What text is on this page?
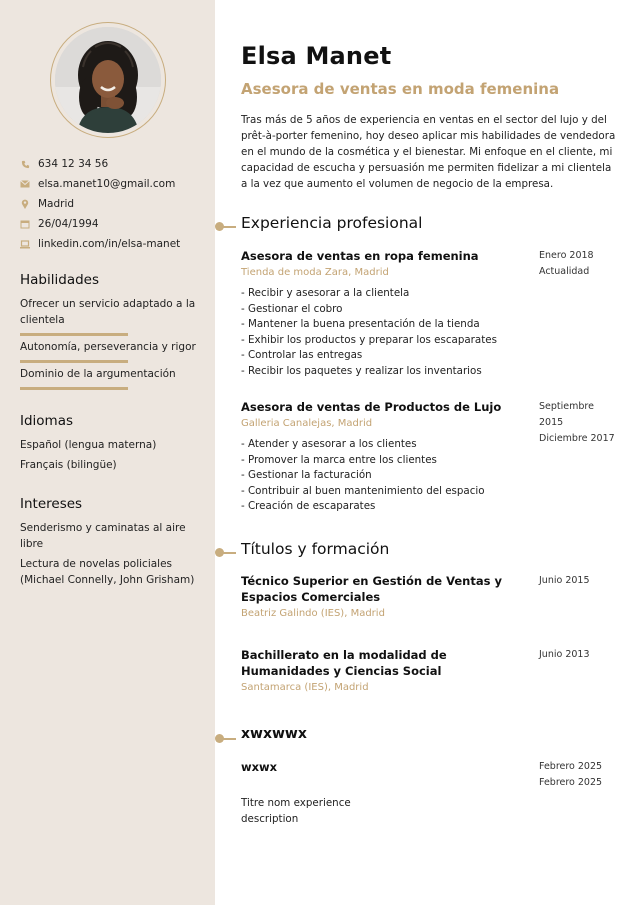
634 12 34 56
elsa.manet10@gmail.com
Madrid
26/04/1994
linkedin.com/in/elsa-manet
Habilidades
Ofrecer un servicio adaptado a la clientela
Autonomía, perseverancia y rigor
Dominio de la argumentación
Idiomas
Español (lengua materna)
Français (bilingüe)
Intereses
Senderismo y caminatas al aire libre
Lectura de novelas policiales (Michael Connelly, John Grisham)
Elsa Manet
Asesora de ventas en moda femenina

Tras más de 5 años de experiencia en ventas en el sector del lujo y del prêt-à-porter femenino, hoy deseo aplicar mis habilidades de vendedora en el mundo de la cosmética y el bienestar. Mi enfoque en el cliente, mi capacidad de escucha y persuasión me permiten fidelizar a mi clientela a la vez que aumento el volumen de negocio de la empresa.

Experiencia profesional
Asesora de ventas en ropa femenina
Tienda de moda Zara, Madrid
Enero 2018
Actualidad
- Recibir y asesorar a la clientela
- Gestionar el cobro
- Mantener la buena presentación de la tienda
- Exhibir los productos y preparar los escaparates
- Controlar las entregas
- Recibir los paquetes y realizar los inventarios
Asesora de ventas de Productos de Lujo
Galleria Canalejas, Madrid
Septiembre 2015
Diciembre 2017
- Atender y asesorar a los clientes
- Promover la marca entre los clientes
- Gestionar la facturación
- Contribuir al buen mantenimiento del espacio
- Creación de escaparates
Títulos y formación
Técnico Superior en Gestión de Ventas y Espacios Comerciales
Beatriz Galindo (IES), Madrid
Junio 2015
Bachillerato en la modalidad de Humanidades y Ciencias Social
Santamarca (IES), Madrid
Junio 2013
xwxwwx
wxwx	Febrero 2025
Febrero 2025
Titre nom experience
description
